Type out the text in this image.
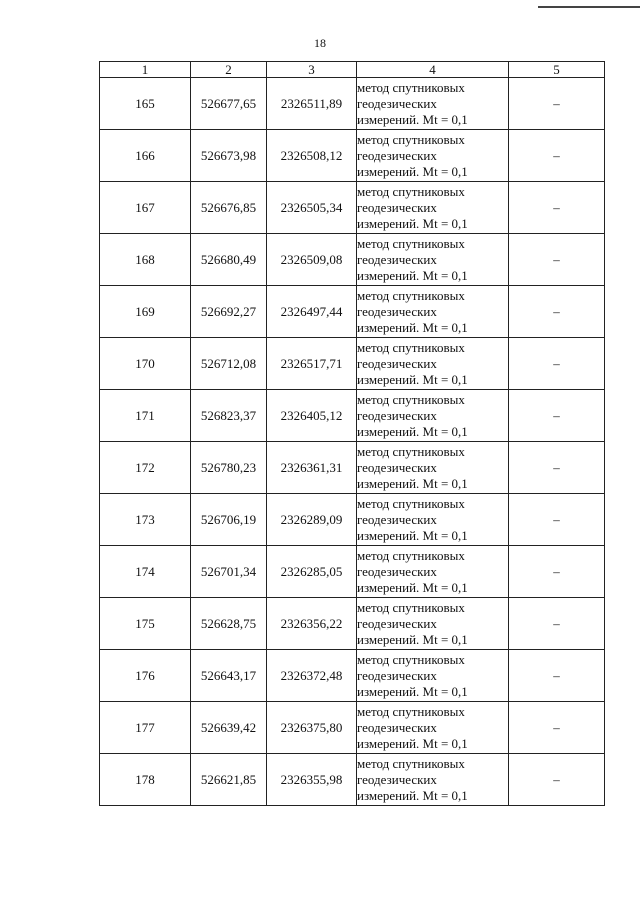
18
1	2	3	4	5
165	526677,65	2326511,89	метод спутниковых
геодезических
измерений. Mt = 0,1	–
166	526673,98	2326508,12	метод спутниковых
геодезических
измерений. Mt = 0,1	–
167	526676,85	2326505,34	метод спутниковых
геодезических
измерений. Mt = 0,1	–
168	526680,49	2326509,08	метод спутниковых
геодезических
измерений. Mt = 0,1	–
169	526692,27	2326497,44	метод спутниковых
геодезических
измерений. Mt = 0,1	–
170	526712,08	2326517,71	метод спутниковых
геодезических
измерений. Mt = 0,1	–
171	526823,37	2326405,12	метод спутниковых
геодезических
измерений. Mt = 0,1	–
172	526780,23	2326361,31	метод спутниковых
геодезических
измерений. Mt = 0,1	–
173	526706,19	2326289,09	метод спутниковых
геодезических
измерений. Mt = 0,1	–
174	526701,34	2326285,05	метод спутниковых
геодезических
измерений. Mt = 0,1	–
175	526628,75	2326356,22	метод спутниковых
геодезических
измерений. Mt = 0,1	–
176	526643,17	2326372,48	метод спутниковых
геодезических
измерений. Mt = 0,1	–
177	526639,42	2326375,80	метод спутниковых
геодезических
измерений. Mt = 0,1	–
178	526621,85	2326355,98	метод спутниковых
геодезических
измерений. Mt = 0,1	–
